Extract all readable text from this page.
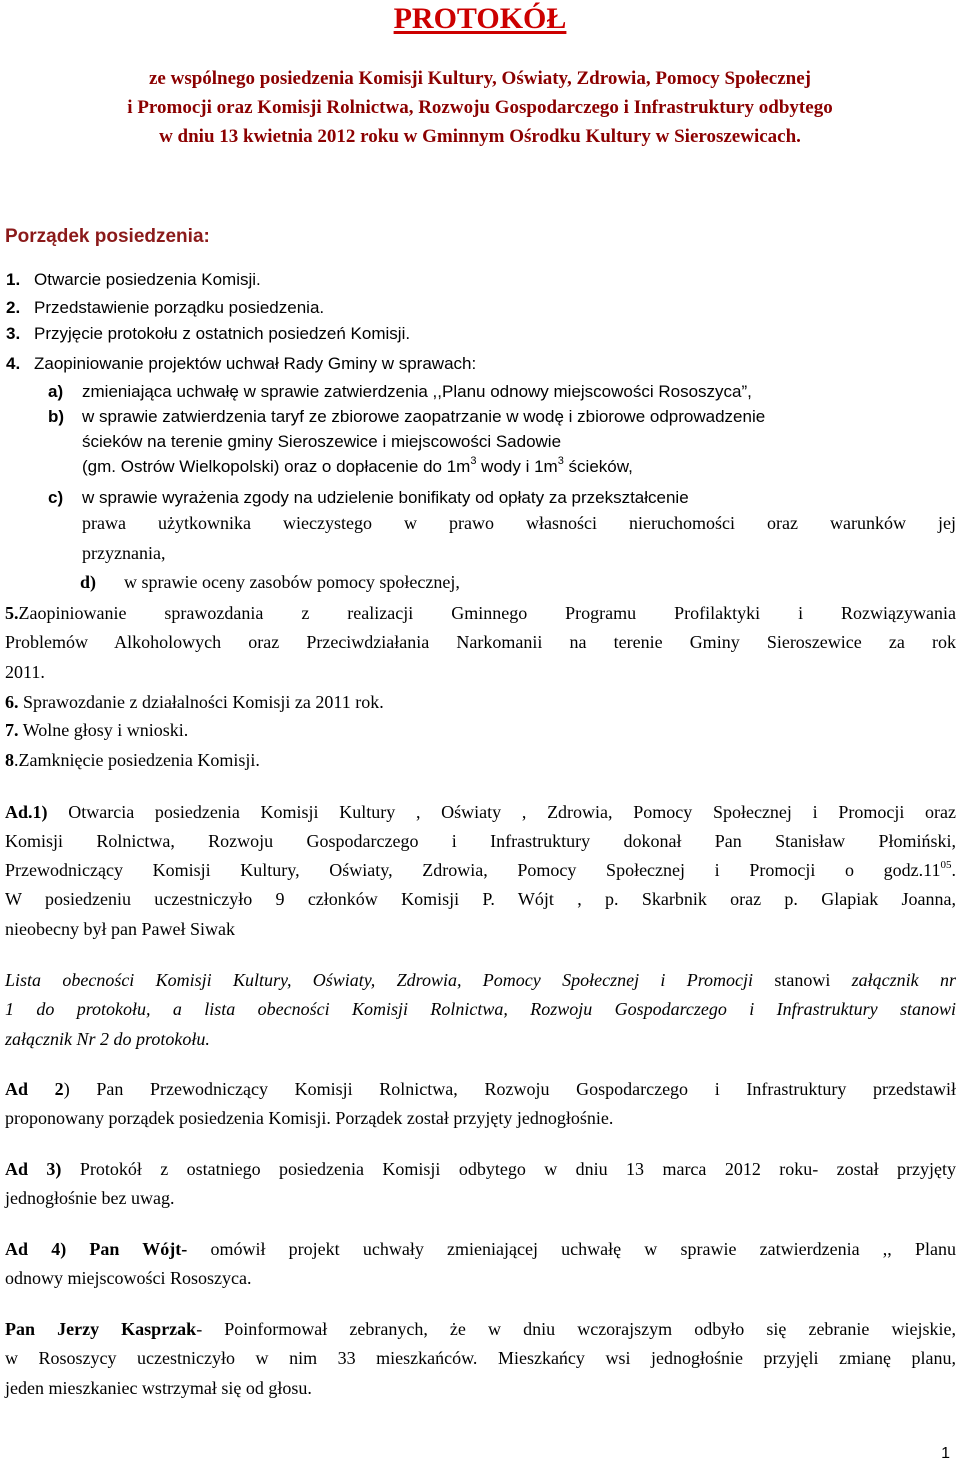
PROTOKÓŁ
ze wspólnego posiedzenia Komisji Kultury, Oświaty, Zdrowia, Pomocy Społecznej
i Promocji oraz Komisji Rolnictwa, Rozwoju Gospodarczego i Infrastruktury odbytego
w dniu 13 kwietnia 2012 roku w Gminnym Ośrodku Kultury w Sieroszewicach.
Porządek posiedzenia:
1. Otwarcie posiedzenia Komisji.
2. Przedstawienie porządku posiedzenia.
3. Przyjęcie protokołu z ostatnich posiedzeń Komisji.
4. Zaopiniowanie projektów uchwał Rady Gminy w sprawach:
a) zmieniająca uchwałę w sprawie zatwierdzenia ,,Planu odnowy miejscowości Rososzyca”,
b) w sprawie zatwierdzenia taryf ze zbiorowe zaopatrzanie w wodę i zbiorowe odprowadzenie
ścieków na terenie gminy Sieroszewice i miejscowości Sadowie
(gm. Ostrów Wielkopolski) oraz o dopłacenie do $1m^3$ wody i $1m^3$ ścieków,
c) w sprawie wyrażenia zgody na udzielenie bonifikaty od opłaty za przekształcenie
prawa użytkownika wieczystego w prawo własności nieruchomości oraz warunków jej
przyznania,
d) w sprawie oceny zasobów pomocy społecznej,
5.Zaopiniowanie sprawozdania z realizacji Gminnego Programu Profilaktyki i Rozwiązywania
Problemów Alkoholowych oraz Przeciwdziałania Narkomanii na terenie Gminy Sieroszewice za rok
2011.
6. Sprawozdanie z działalności Komisji za 2011 rok.
7. Wolne głosy i wnioski.
8.Zamknięcie posiedzenia Komisji.
Ad.1) Otwarcia posiedzenia Komisji Kultury , Oświaty , Zdrowia, Pomocy Społecznej i Promocji oraz
Komisji Rolnictwa, Rozwoju Gospodarczego i Infrastruktury dokonał Pan Stanisław Płomiński,
Przewodniczący Komisji Kultury, Oświaty, Zdrowia, Pomocy Społecznej i Promocji o $godz.11^{05}$.
W posiedzeniu uczestniczyło 9 członków Komisji P. Wójt , p. Skarbnik oraz p. Glapiak Joanna,
nieobecny był pan Paweł Siwak
Lista obecności Komisji Kultury, Oświaty, Zdrowia, Pomocy Społecznej i Promocji stanowi załącznik nr
1 do protokołu, a lista obecności Komisji Rolnictwa, Rozwoju Gospodarczego i Infrastruktury stanowi
załącznik Nr 2 do protokołu.
Ad 2) Pan Przewodniczący Komisji Rolnictwa, Rozwoju Gospodarczego i Infrastruktury przedstawił
proponowany porządek posiedzenia Komisji. Porządek został przyjęty jednogłośnie.
Ad 3) Protokół z ostatniego posiedzenia Komisji odbytego w dniu 13 marca 2012 roku- został przyjęty
jednogłośnie bez uwag.
Ad 4) Pan Wójt- omówił projekt uchwały zmieniającej uchwałę w sprawie zatwierdzenia ,, Planu
odnowy miejscowości Rososzyca.
Pan Jerzy Kasprzak- Poinformował zebranych, że w dniu wczorajszym odbyło się zebranie wiejskie,
w Rososzycy uczestniczyło w nim 33 mieszkańców. Mieszkańcy wsi jednogłośnie przyjęli zmianę planu,
jeden mieszkaniec wstrzymał się od głosu.
1
